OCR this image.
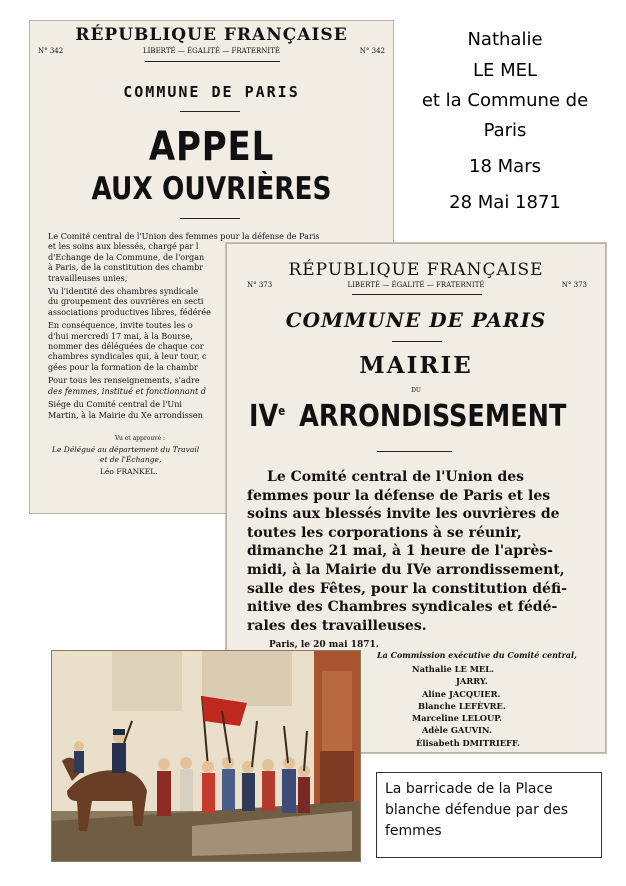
Nathalie
LE MEL
et la Commune de
Paris
18 Mars
28 Mai 1871
RÉPUBLIQUE FRANÇAISE
N° 342	N° 342
LIBERTÉ — ÉGALITÉ — FRATERNITÉ
COMMUNE DE PARIS
APPEL
AUX OUVRIÈRES
Le Comité central de l'Union des femmes pour la défense de Paris
et les soins aux blessés, chargé par l
d'Echange de la Commune, de l'organ
à Paris, de la constitution des chambr
travailleuses unies,
Vu l'identité des chambres syndicale
du groupement des ouvrières en secti
associations productives libres, fédérée
En conséquence, invite toutes les o
d'hui mercredi 17 mai, à la Bourse,
nommer des déléguées de chaque cor
chambres syndicales qui, à leur tour, c
gées pour la formation de la chambr
Pour tous les renseignements, s'adre
des femmes, institué et fonctionnant d
Siége du Comité central de l'Uni
Martin, à la Mairie du Xe arrondissen
Vu et approuvé :
Le Délégué au département du Travail
et de l'Échange,
Léo FRANKEL.
RÉPUBLIQUE FRANÇAISE
N° 373	N° 373
LIBERTÉ — ÉGALITÉ — FRATERNITÉ
COMMUNE DE PARIS
MAIRIE
DU
IVe ARRONDISSEMENT
Le Comité central de l'Union des
femmes pour la défense de Paris et les
soins aux blessés invite les ouvrières de
toutes les corporations à se réunir,
dimanche 21 mai, à 1 heure de l'après-
midi, à la Mairie du IVe arrondissement,
salle des Fêtes, pour la constitution défi-
nitive des Chambres syndicales et fédé-
rales des travailleuses.
Paris, le 20 mai 1871.
La Commission exécutive du Comité central,
Nathalie LE MEL.
JARRY.
Aline JACQUIER.
Blanche LEFÈVRE.
Marceline LELOUP.
Adèle GAUVIN.
Élisabeth DMITRIEFF.
La barricade de la Place
blanche défendue par des
femmes
